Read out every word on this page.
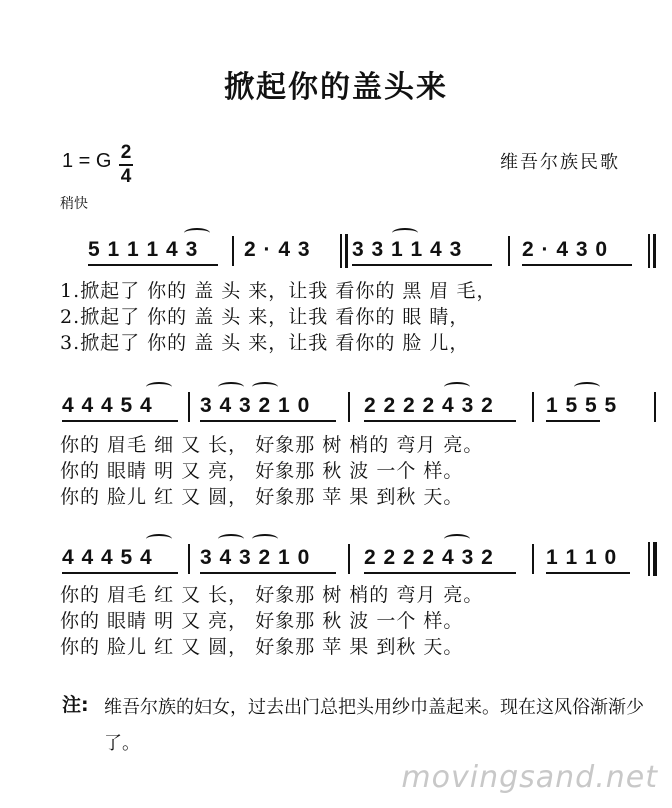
掀起你的盖头来
1 = G 2
4
稍快
维吾尔族民歌
5 1 1 1 4 3 2 · 4 3 3 3 1 1 4 3	2 · 4 3 0
1.掀起了 你的 盖 头 来，让我 看你的 黑 眉 毛，
2.掀起了 你的 盖 头 来，让我 看你的 眼 睛，
3.掀起了 你的 盖 头 来，让我 看你的 脸 儿，
4 4 4 5 4 3 4 3 2 1 0	2 2 2 2 4 3 2 1 5 5 5
你的 眉毛 细 又 长， 好象那 树 梢的 弯月 亮。
你的 眼睛 明 又 亮， 好象那 秋 波 一个 样。
你的 脸儿 红 又 圆， 好象那 苹 果 到秋 天。
4 4 4 5 4 3 4 3 2 1 0	2 2 2 2 4 3 2 1 1 1 0
你的 眉毛 红 又 长， 好象那 树 梢的 弯月 亮。
你的 眼睛 明 又 亮， 好象那 秋 波 一个 样。
你的 脸儿 红 又 圆， 好象那 苹 果 到秋 天。
注: 维吾尔族的妇女，过去出门总把头用纱巾盖起来。现在这风俗渐渐少了。
movingsand.net
